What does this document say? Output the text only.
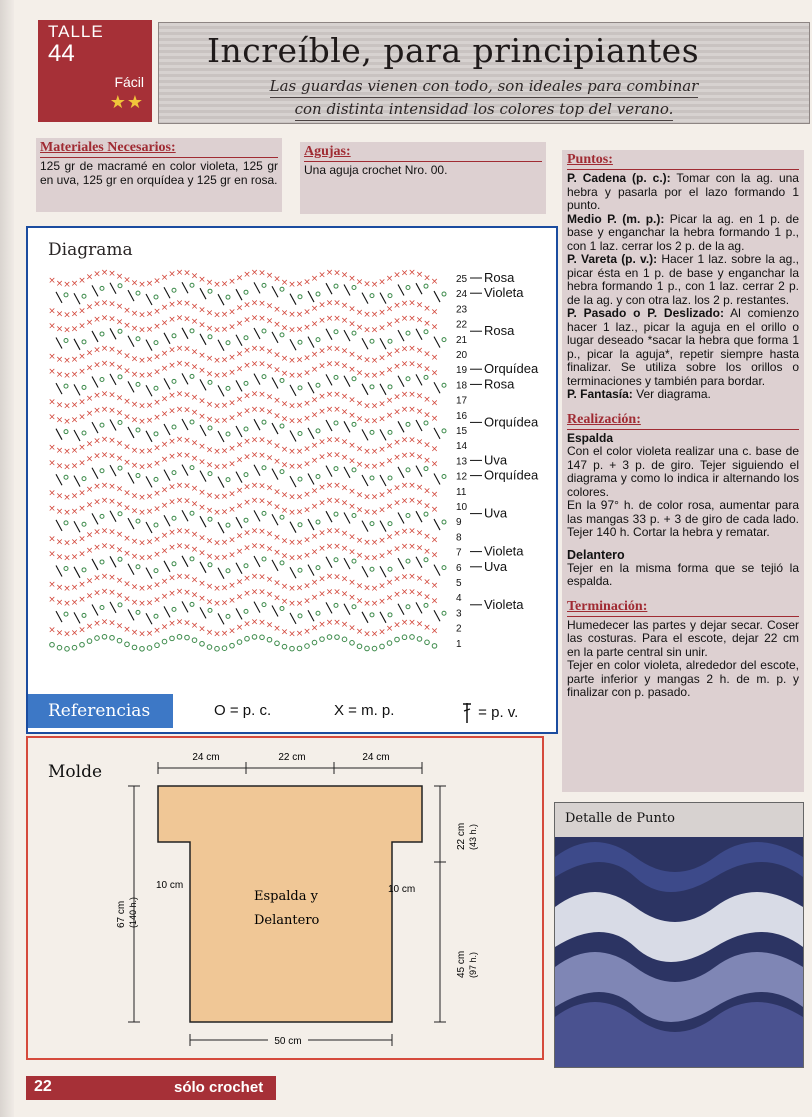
TALLE
44
Fácil
★★
Increíble, para principiantes
Las guardas vienen con todo, son ideales para combinar
con distinta intensidad los colores top del verano.
Materiales Necesarios:

125 gr de macramé en color violeta, 125 gr en uva, 125 gr en orquídea y 125 gr en rosa.

Agujas:

Una aguja crochet Nro. 00.

Puntos:

P. Cadena (p. c.): Tomar con la ag. una hebra y pasarla por el lazo formando 1 punto.

Medio P. (m. p.): Picar la ag. en 1 p. de base y enganchar la hebra formando 1 p., con 1 laz. cerrar los 2 p. de la ag.

P. Vareta (p. v.): Hacer 1 laz. sobre la ag., picar ésta en 1 p. de base y enganchar la hebra formando 1 p., con 1 laz. cerrar 2 p. de la ag. y con otra laz. los 2 p. restantes.

P. Pasado o P. Deslizado: Al comienzo hacer 1 laz., picar la aguja en el orillo o lugar deseado *sacar la hebra que forma 1 p., picar la aguja*, repetir siempre hasta finalizar. Se utiliza sobre los orillos o terminaciones y también para bordar.

P. Fantasía: Ver diagrama.

Realización:

Espalda

Con el color violeta realizar una c. base de 147 p. + 3 p. de giro. Tejer siguiendo el diagrama y como lo indica ir alternando los colores.

En la 97° h. de color rosa, aumentar para las mangas 33 p. + 3 de giro de cada lado. Tejer 140 h. Cortar la hebra y rematar.

Delantero

Tejer en la misma forma que se tejió la espalda.

Terminación:

Humedecer las partes y dejar secar. Coser las costuras. Para el escote, dejar 22 cm en la parte central sin unir.

Tejer en color violeta, alrededor del escote, parte inferior y mangas 2 h. de m. p. y finalizar con p. pasado.

Diagrama
1
× × × × × × × × × × × × × × × × × × × × × × × × × × × × × × × × × × × × × × × × × × × × × × × × × × × × 2
3
× × × × × × × × × × × × × × × × × × × × × × × × × × × × × × × × × × × × × × × × × × × × × × × × × × × × 4
× × × × × × × × × × × × × × × × × × × × × × × × × × × × × × × × × × × × × × × × × × × × × × × × × × × × 5
6
× × × × × × × × × × × × × × × × × × × × × × × × × × × × × × × × × × × × × × × × × × × × × × × × × × × × 7
× × × × × × × × × × × × × × × × × × × × × × × × × × × × × × × × × × × × × × × × × × × × × × × × × × × × 8
9
× × × × × × × × × × × × × × × × × × × × × × × × × × × × × × × × × × × × × × × × × × × × × × × × × × × × 10
× × × × × × × × × × × × × × × × × × × × × × × × × × × × × × × × × × × × × × × × × × × × × × × × × × × × 11
12
× × × × × × × × × × × × × × × × × × × × × × × × × × × × × × × × × × × × × × × × × × × × × × × × × × × × 13
× × × × × × × × × × × × × × × × × × × × × × × × × × × × × × × × × × × × × × × × × × × × × × × × × × × × 14
15
× × × × × × × × × × × × × × × × × × × × × × × × × × × × × × × × × × × × × × × × × × × × × × × × × × × × 16
× × × × × × × × × × × × × × × × × × × × × × × × × × × × × × × × × × × × × × × × × × × × × × × × × × × × 17
18
× × × × × × × × × × × × × × × × × × × × × × × × × × × × × × × × × × × × × × × × × × × × × × × × × × × × 19
× × × × × × × × × × × × × × × × × × × × × × × × × × × × × × × × × × × × × × × × × × × × × × × × × × × × 20
21
× × × × × × × × × × × × × × × × × × × × × × × × × × × × × × × × × × × × × × × × × × × × × × × × × × × × 22
× × × × × × × × × × × × × × × × × × × × × × × × × × × × × × × × × × × × × × × × × × × × × × × × × × × × 23
24
× × × × × × × × × × × × × × × × × × × × × × × × × × × × × × × × × × × × × × × × × × × × × × × × × × × × 25 Rosa
Violeta
Rosa
Orquídea
Rosa
Orquídea
Uva
Orquídea
Uva
Violeta
Uva
Violeta
Referencias	O = p. c.	X = m. p.	= p. v.
Molde
24 cm	22 cm	24 cm
10 cm	10 cm
Espalda y
Delantero
67 cm (140 h.)
22 cm (43 h.)
45 cm (97 h.)
50 cm
Detalle de Punto
22	sólo crochet
